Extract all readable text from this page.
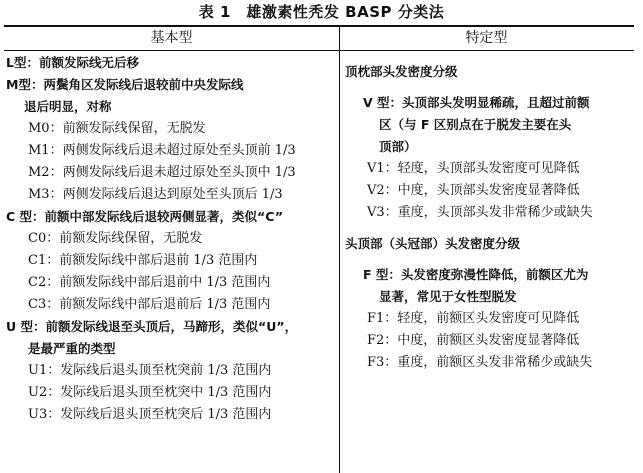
表 1　雄激素性秃发 BASP 分类法
基本型	特定型
L型：前额发际线无后移
M型：两鬓角区发际线后退较前中央发际线
退后明显，对称
M0：前额发际线保留，无脱发
M1：两侧发际线后退未超过原处至头顶前 1/3
M2：两侧发际线后退未超过原处至头顶中 1/3
M3：两侧发际线后退达到原处至头顶后 1/3
C 型：前额中部发际线后退较两侧显著，类似“C”
C0：前额发际线保留，无脱发
C1：前额发际线中部后退前 1/3 范围内
C2：前额发际线中部后退前中 1/3 范围内
C3：前额发际线中部后退前后 1/3 范围内
U 型：前额发际线退至头顶后，马蹄形，类似“U”，
是最严重的类型
U1：发际线后退头顶至枕突前 1/3 范围内
U2：发际线后退头顶至枕突中 1/3 范围内
U3：发际线后退头顶至枕突后 1/3 范围内
顶枕部头发密度分级
V 型：头顶部头发明显稀疏，且超过前额
区（与 F 区别点在于脱发主要在头
顶部）
V1：轻度，头顶部头发密度可见降低
V2：中度，头顶部头发密度显著降低
V3：重度，头顶部头发非常稀少或缺失
头顶部（头冠部）头发密度分级
F 型：头发密度弥漫性降低，前额区尤为
显著，常见于女性型脱发
F1：轻度，前额区头发密度可见降低
F2：中度，前额区头发密度显著降低
F3：重度，前额区头发非常稀少或缺失
